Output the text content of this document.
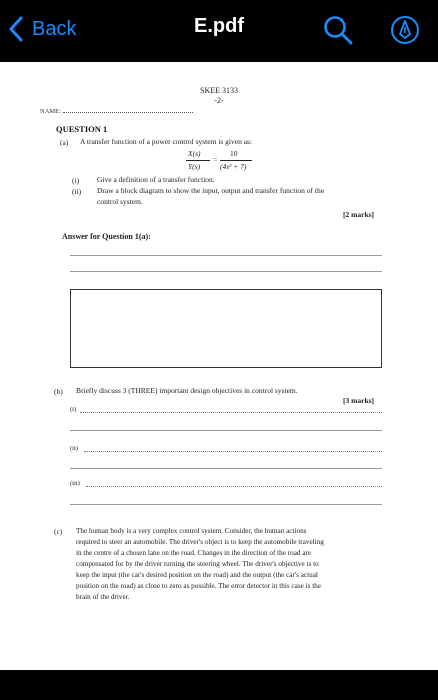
Back	E.pdf
SKEE 3133
-2-
NAME:
QUESTION 1
(a) A transfer function of a power control system is given as:
X(s)
Y(s)
=
10
(4s² + 7)
(i) Give a definition of a transfer function.
(ii) Draw a block diagram to show the input, output and transfer function of the
control system.
[2 marks]
Answer for Question 1(a):
(b) Briefly discuss 3 (THREE) important design objectives in control system.
[3 marks]
(i)
(ii)
(iii)
(c) The human body is a very complex control system. Consider, the human actions
required to steer an automobile. The driver's object is to keep the automobile traveling
in the centre of a chosen lane on the road. Changes in the direction of the road are
compensated for by the driver turning the steering wheel. The driver's objective is to
keep the input (the car's desired position on the road) and the output (the car's actual
position on the road) as close to zero as possible. The error detector in this case is the
brain of the driver.
